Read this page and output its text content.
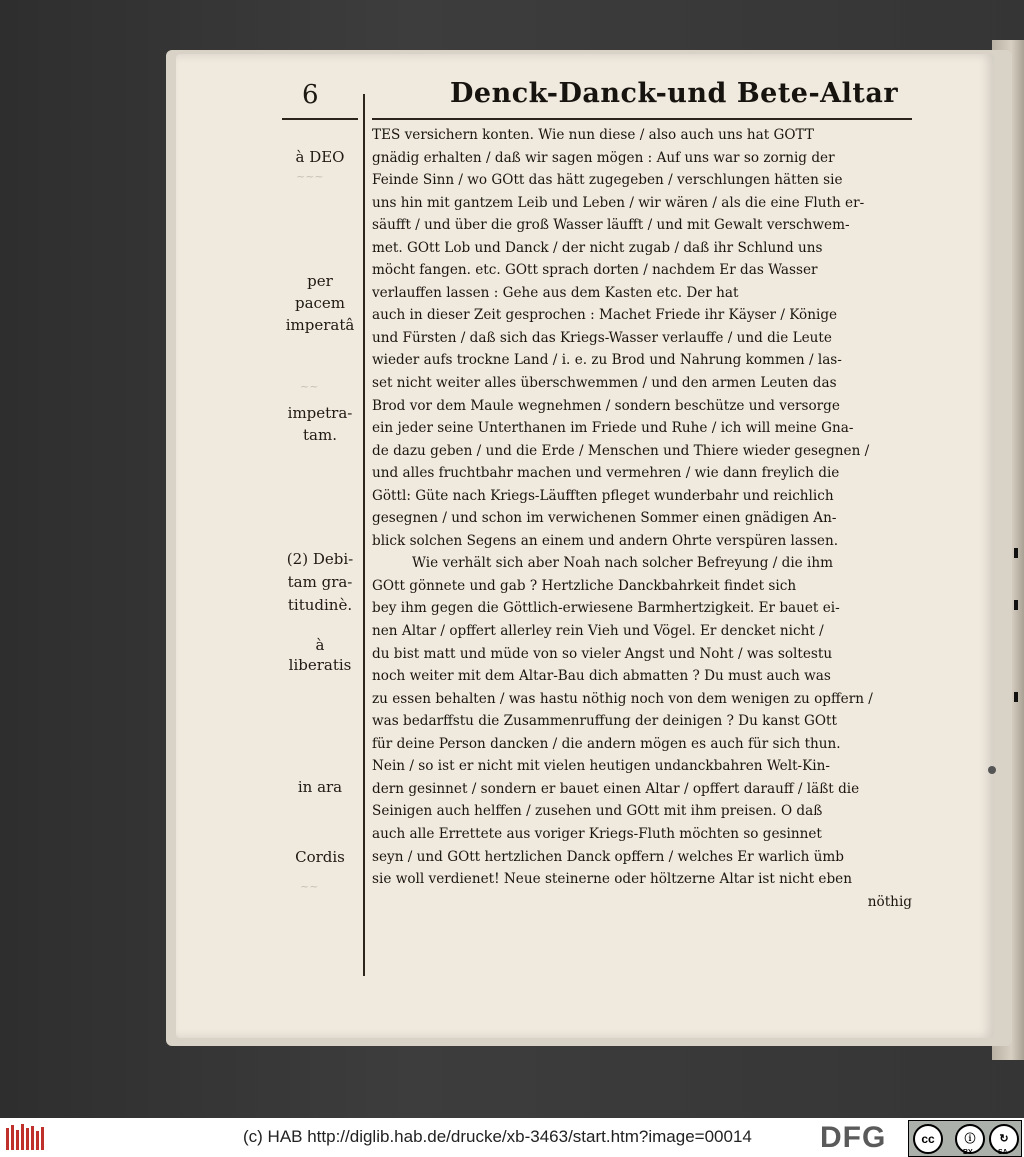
6	Denck-Danck-und Bete-Altar
à DEO
per
pacem
imperatâ
impetra-
tam.
(2) Debi-
tam gra-
titudinè.
à
liberatis
in ara
Cordis
~~~
~~
~~
TES versichern konten. Wie nun diese / also auch uns hat GOTT
gnädig erhalten / daß wir sagen mögen : Auf uns war so zornig der
Feinde Sinn / wo GOtt das hätt zugegeben / verschlungen hätten sie
uns hin mit gantzem Leib und Leben / wir wären / als die eine Fluth er-
säufft / und über die groß Wasser läufft / und mit Gewalt verschwem-
met. GOtt Lob und Danck / der nicht zugab / daß ihr Schlund uns
möcht fangen. etc. GOtt sprach dorten / nachdem Er das Wasser
verlauffen lassen : Gehe aus dem Kasten etc. Der hat
auch in dieser Zeit gesprochen : Machet Friede ihr Käyser / Könige
und Fürsten / daß sich das Kriegs-Wasser verlauffe / und die Leute
wieder aufs trockne Land / i. e. zu Brod und Nahrung kommen / las-
set nicht weiter alles überschwemmen / und den armen Leuten das
Brod vor dem Maule wegnehmen / sondern beschütze und versorge
ein jeder seine Unterthanen im Friede und Ruhe / ich will meine Gna-
de dazu geben / und die Erde / Menschen und Thiere wieder gesegnen /
und alles fruchtbahr machen und vermehren / wie dann freylich die
Göttl: Güte nach Kriegs-Läufften pfleget wunderbahr und reichlich
gesegnen / und schon im verwichenen Sommer einen gnädigen An-
blick solchen Segens an einem und andern Ohrte verspüren lassen.
Wie verhält sich aber Noah nach solcher Befreyung / die ihm
GOtt gönnete und gab ? Hertzliche Danckbahrkeit findet sich
bey ihm gegen die Göttlich-erwiesene Barmhertzigkeit. Er bauet ei-
nen Altar / opffert allerley rein Vieh und Vögel. Er dencket nicht /
du bist matt und müde von so vieler Angst und Noht / was soltestu
noch weiter mit dem Altar-Bau dich abmatten ? Du must auch was
zu essen behalten / was hastu nöthig noch von dem wenigen zu opffern /
was bedarffstu die Zusammenruffung der deinigen ? Du kanst GOtt
für deine Person dancken / die andern mögen es auch für sich thun.
Nein / so ist er nicht mit vielen heutigen undanckbahren Welt-Kin-
dern gesinnet / sondern er bauet einen Altar / opffert darauff / läßt die
Seinigen auch helffen / zusehen und GOtt mit ihm preisen. O daß
auch alle Errettete aus voriger Kriegs-Fluth möchten so gesinnet
seyn / und GOtt hertzlichen Danck opffern / welches Er warlich ümb
sie woll verdienet! Neue steinerne oder höltzerne Altar ist nicht eben
nöthig
(c) HAB http://diglib.hab.de/drucke/xb-3463/start.htm?image=00014 DFG	cc	ⓘ	↻
BY	SA
